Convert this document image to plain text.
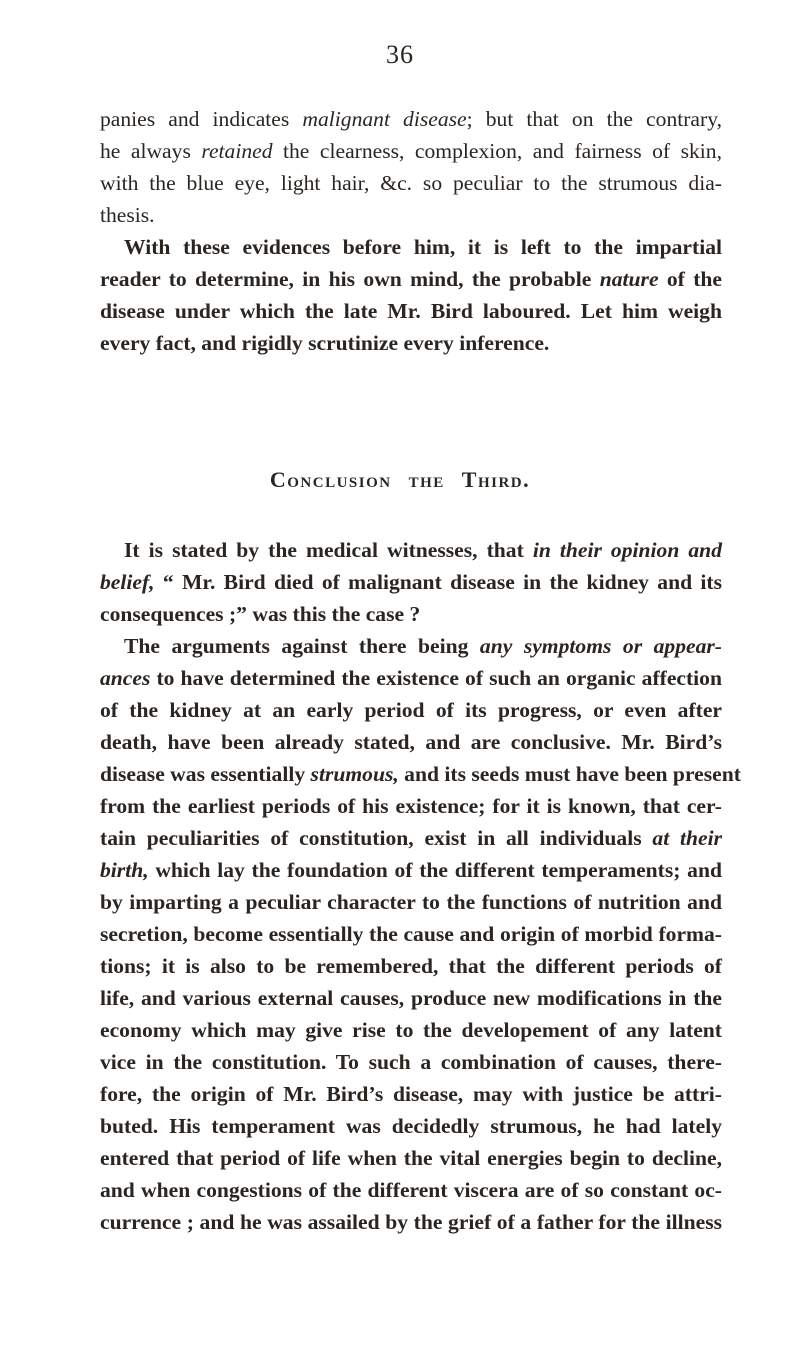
36
panies and indicates malignant disease; but that on the contrary,
he always retained the clearness, complexion, and fairness of skin,
with the blue eye, light hair, &c. so peculiar to the strumous dia-
thesis.
With these evidences before him, it is left to the impartial
reader to determine, in his own mind, the probable nature of the
disease under which the late Mr. Bird laboured. Let him weigh
every fact, and rigidly scrutinize every inference.
Conclusion the Third.
It is stated by the medical witnesses, that in their opinion and
belief, “ Mr. Bird died of malignant disease in the kidney and its
consequences ;” was this the case ?
The arguments against there being any symptoms or appear-
ances to have determined the existence of such an organic affection
of the kidney at an early period of its progress, or even after
death, have been already stated, and are conclusive. Mr. Bird’s
disease was essentially strumous, and its seeds must have been present
from the earliest periods of his existence; for it is known, that cer-
tain peculiarities of constitution, exist in all individuals at their
birth, which lay the foundation of the different temperaments; and
by imparting a peculiar character to the functions of nutrition and
secretion, become essentially the cause and origin of morbid forma-
tions; it is also to be remembered, that the different periods of
life, and various external causes, produce new modifications in the
economy which may give rise to the developement of any latent
vice in the constitution. To such a combination of causes, there-
fore, the origin of Mr. Bird’s disease, may with justice be attri-
buted. His temperament was decidedly strumous, he had lately
entered that period of life when the vital energies begin to decline,
and when congestions of the different viscera are of so constant oc-
currence ; and he was assailed by the grief of a father for the illness
